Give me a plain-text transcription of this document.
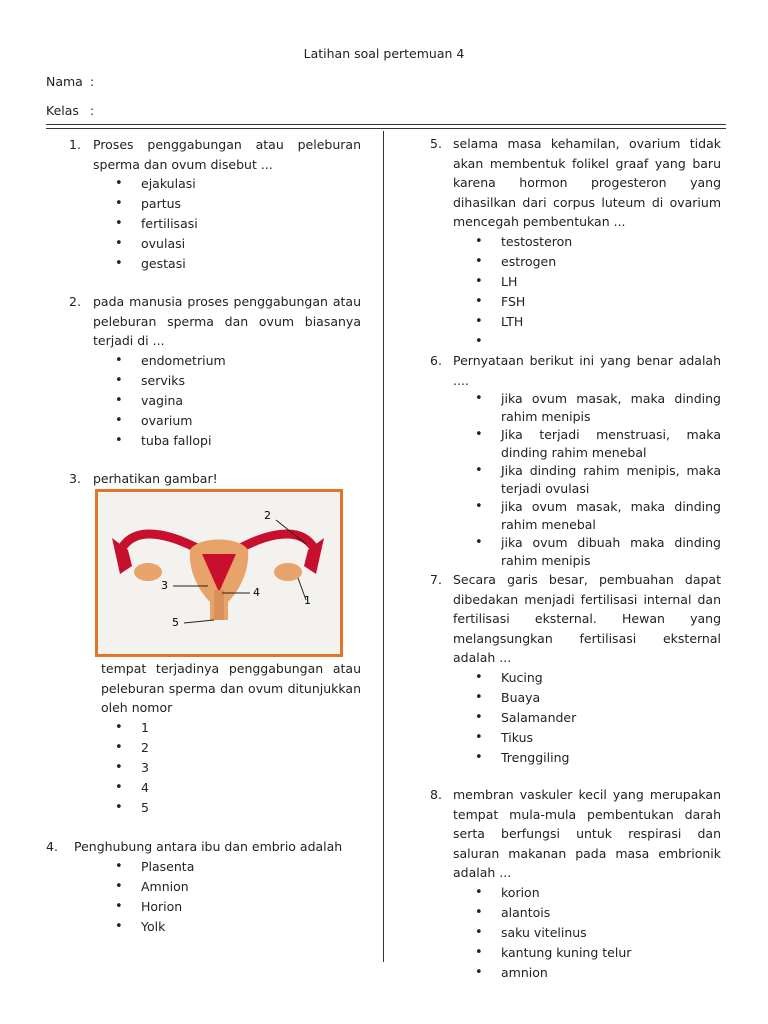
Latihan soal pertemuan 4
Nama :
Kelas :
1. Proses penggabungan atau peleburan sperma dan ovum disebut ...
• ejakulasi
• partus
• fertilisasi
• ovulasi
• gestasi
2. pada manusia proses penggabungan atau peleburan sperma dan ovum biasanya terjadi di ...
• endometrium
• serviks
• vagina
• ovarium
• tuba fallopi
3. perhatikan gambar!
2
1
3
4
5
tempat terjadinya penggabungan atau peleburan sperma dan ovum ditunjukkan oleh nomor
• 1
• 2
• 3
• 4
• 5
4. Penghubung antara ibu dan embrio adalah
• Plasenta
• Amnion
• Horion
• Yolk
5. selama masa kehamilan, ovarium tidak akan membentuk folikel graaf yang baru karena hormon progesteron yang dihasilkan dari corpus luteum di ovarium mencegah pembentukan ...
• testosteron
• estrogen
• LH
• FSH
• LTH
•
6. Pernyataan berikut ini yang benar adalah ....
• jika ovum masak, maka dinding rahim menipis
• Jika terjadi menstruasi, maka dinding rahim menebal
• Jika dinding rahim menipis, maka terjadi ovulasi
• jika ovum masak, maka dinding rahim menebal
• jika ovum dibuah maka dinding rahim menipis
7. Secara garis besar, pembuahan dapat dibedakan menjadi fertilisasi internal dan fertilisasi eksternal. Hewan yang melangsungkan fertilisasi eksternal adalah ...
• Kucing
• Buaya
• Salamander
• Tikus
• Trenggiling
8. membran vaskuler kecil yang merupakan tempat mula-mula pembentukan darah serta berfungsi untuk respirasi dan saluran makanan pada masa embrionik adalah ...
• korion
• alantois
• saku vitelinus
• kantung kuning telur
• amnion
